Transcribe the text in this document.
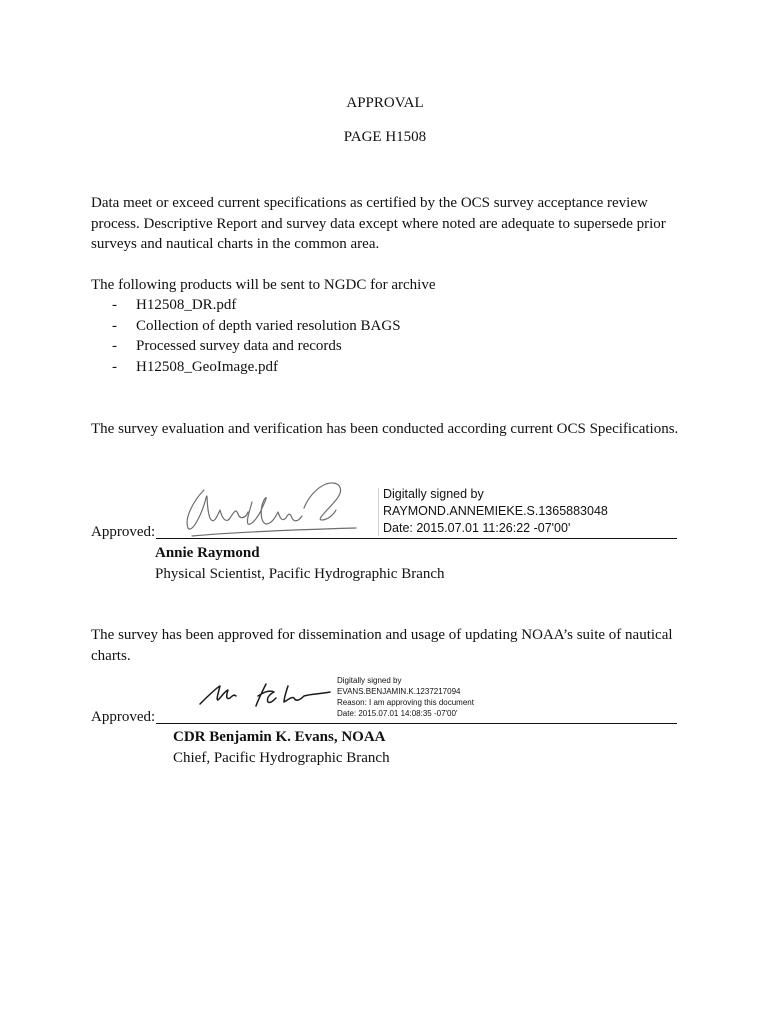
APPROVAL
PAGE H1508
Data meet or exceed current specifications as certified by the OCS survey acceptance review process. Descriptive Report and survey data except where noted are adequate to supersede prior surveys and nautical charts in the common area.
The following products will be sent to NGDC for archive
- H12508_DR.pdf
- Collection of depth varied resolution BAGS
- Processed survey data and records
- H12508_GeoImage.pdf
The survey evaluation and verification has been conducted according current OCS Specifications.
Digitally signed by
RAYMOND.ANNEMIEKE.S.1365883048
Date: 2015.07.01 11:26:22 -07'00'
Approved:
Annie Raymond
Physical Scientist, Pacific Hydrographic Branch
The survey has been approved for dissemination and usage of updating NOAA’s suite of nautical charts.
Digitally signed by
EVANS.BENJAMIN.K.1237217094
Reason: I am approving this document
Date: 2015.07.01 14:08:35 -07'00'
Approved:
CDR Benjamin K. Evans, NOAA
Chief, Pacific Hydrographic Branch
